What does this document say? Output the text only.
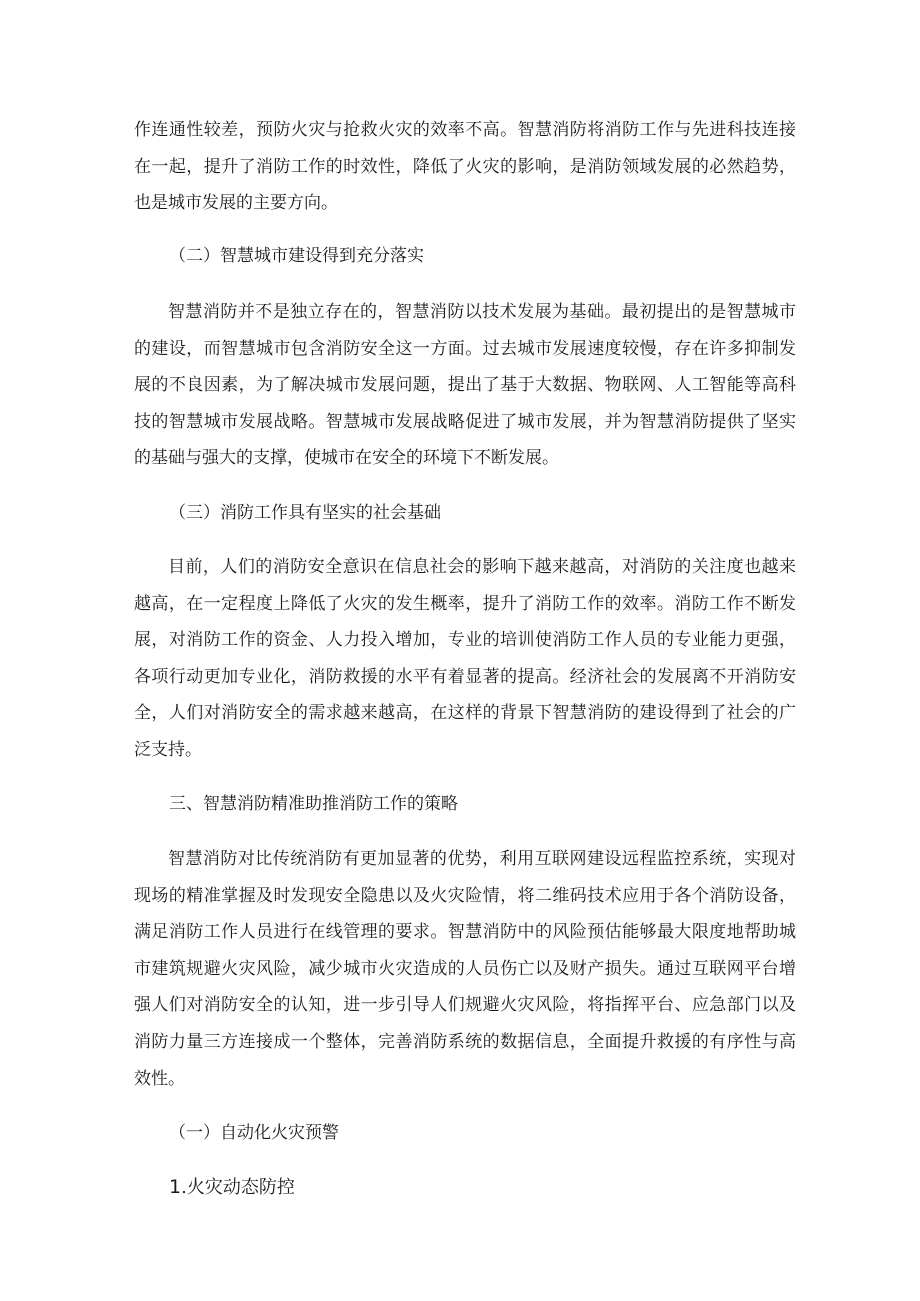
作连通性较差，预防火灾与抢救火灾的效率不高。智慧消防将消防工作与先进科技连接在一起，提升了消防工作的时效性，降低了火灾的影响，是消防领域发展的必然趋势，也是城市发展的主要方向。

（二）智慧城市建设得到充分落实

智慧消防并不是独立存在的，智慧消防以技术发展为基础。最初提出的是智慧城市的建设，而智慧城市包含消防安全这一方面。过去城市发展速度较慢，存在许多抑制发展的不良因素，为了解决城市发展问题，提出了基于大数据、物联网、人工智能等高科技的智慧城市发展战略。智慧城市发展战略促进了城市发展，并为智慧消防提供了坚实的基础与强大的支撑，使城市在安全的环境下不断发展。

（三）消防工作具有坚实的社会基础

目前，人们的消防安全意识在信息社会的影响下越来越高，对消防的关注度也越来越高，在一定程度上降低了火灾的发生概率，提升了消防工作的效率。消防工作不断发展，对消防工作的资金、人力投入增加，专业的培训使消防工作人员的专业能力更强，各项行动更加专业化，消防救援的水平有着显著的提高。经济社会的发展离不开消防安全，人们对消防安全的需求越来越高，在这样的背景下智慧消防的建设得到了社会的广泛支持。

三、智慧消防精准助推消防工作的策略

智慧消防对比传统消防有更加显著的优势，利用互联网建设远程监控系统，实现对现场的精准掌握及时发现安全隐患以及火灾险情，将二维码技术应用于各个消防设备，满足消防工作人员进行在线管理的要求。智慧消防中的风险预估能够最大限度地帮助城市建筑规避火灾风险，减少城市火灾造成的人员伤亡以及财产损失。通过互联网平台增强人们对消防安全的认知，进一步引导人们规避火灾风险，将指挥平台、应急部门以及消防力量三方连接成一个整体，完善消防系统的数据信息，全面提升救援的有序性与高效性。

（一）自动化火灾预警

1.火灾动态防控
